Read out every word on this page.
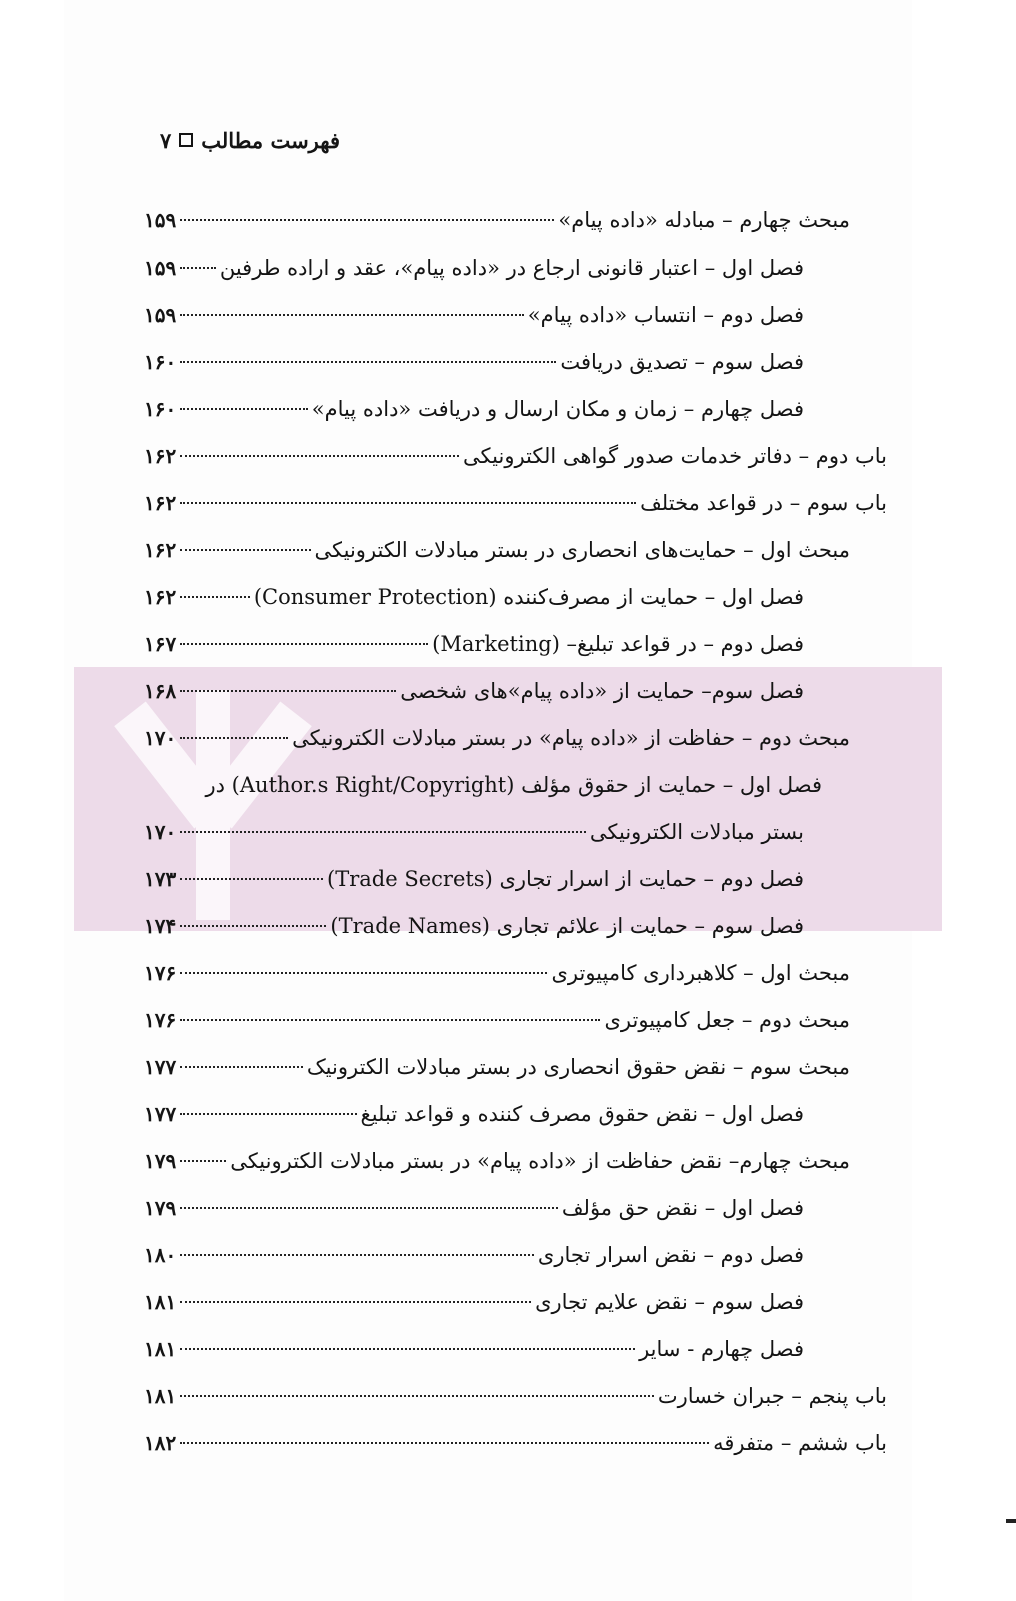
فهرست مطالب
۷
مبحث چهارم – مبادله «داده پیام»
۱۵۹
فصل اول – اعتبار قانونی ارجاع در «داده پیام»، عقد و اراده طرفین
۱۵۹
فصل دوم – انتساب «داده پیام»
۱۵۹
فصل سوم – تصدیق دریافت
۱۶۰
فصل چهارم – زمان و مکان ارسال و دریافت «داده پیام»
۱۶۰
باب دوم – دفاتر خدمات صدور گواهی الکترونیکی
۱۶۲
باب سوم – در قواعد مختلف
۱۶۲
مبحث اول – حمایت‌های انحصاری در بستر مبادلات الکترونیکی
۱۶۲
فصل اول – حمایت از مصرف‌کننده (Consumer Protection)
۱۶۲
فصل دوم – در قواعد تبلیغ– (Marketing)
۱۶۷
فصل سوم– حمایت از «داده پیام»های شخصی
۱۶۸
مبحث دوم – حفاظت از «داده پیام» در بستر مبادلات الکترونیکی
۱۷۰
فصل اول – حمایت از حقوق مؤلف (Author.s Right/Copyright) در
بستر مبادلات الکترونیکی
۱۷۰
فصل دوم – حمایت از اسرار تجاری (Trade Secrets)
۱۷۳
فصل سوم – حمایت از علائم تجاری (Trade Names)
۱۷۴
مبحث اول – کلاهبرداری کامپیوتری
۱۷۶
مبحث دوم – جعل کامپیوتری
۱۷۶
مبحث سوم – نقض حقوق انحصاری در بستر مبادلات الکترونیک
۱۷۷
فصل اول – نقض حقوق مصرف کننده و قواعد تبلیغ
۱۷۷
مبحث چهارم– نقض حفاظت از «داده پیام» در بستر مبادلات الکترونیکی
۱۷۹
فصل اول – نقض حق مؤلف
۱۷۹
فصل دوم – نقض اسرار تجاری
۱۸۰
فصل سوم – نقض علایم تجاری
۱۸۱
فصل چهارم - سایر
۱۸۱
باب پنجم – جبران خسارت
۱۸۱
باب ششم – متفرقه
۱۸۲
